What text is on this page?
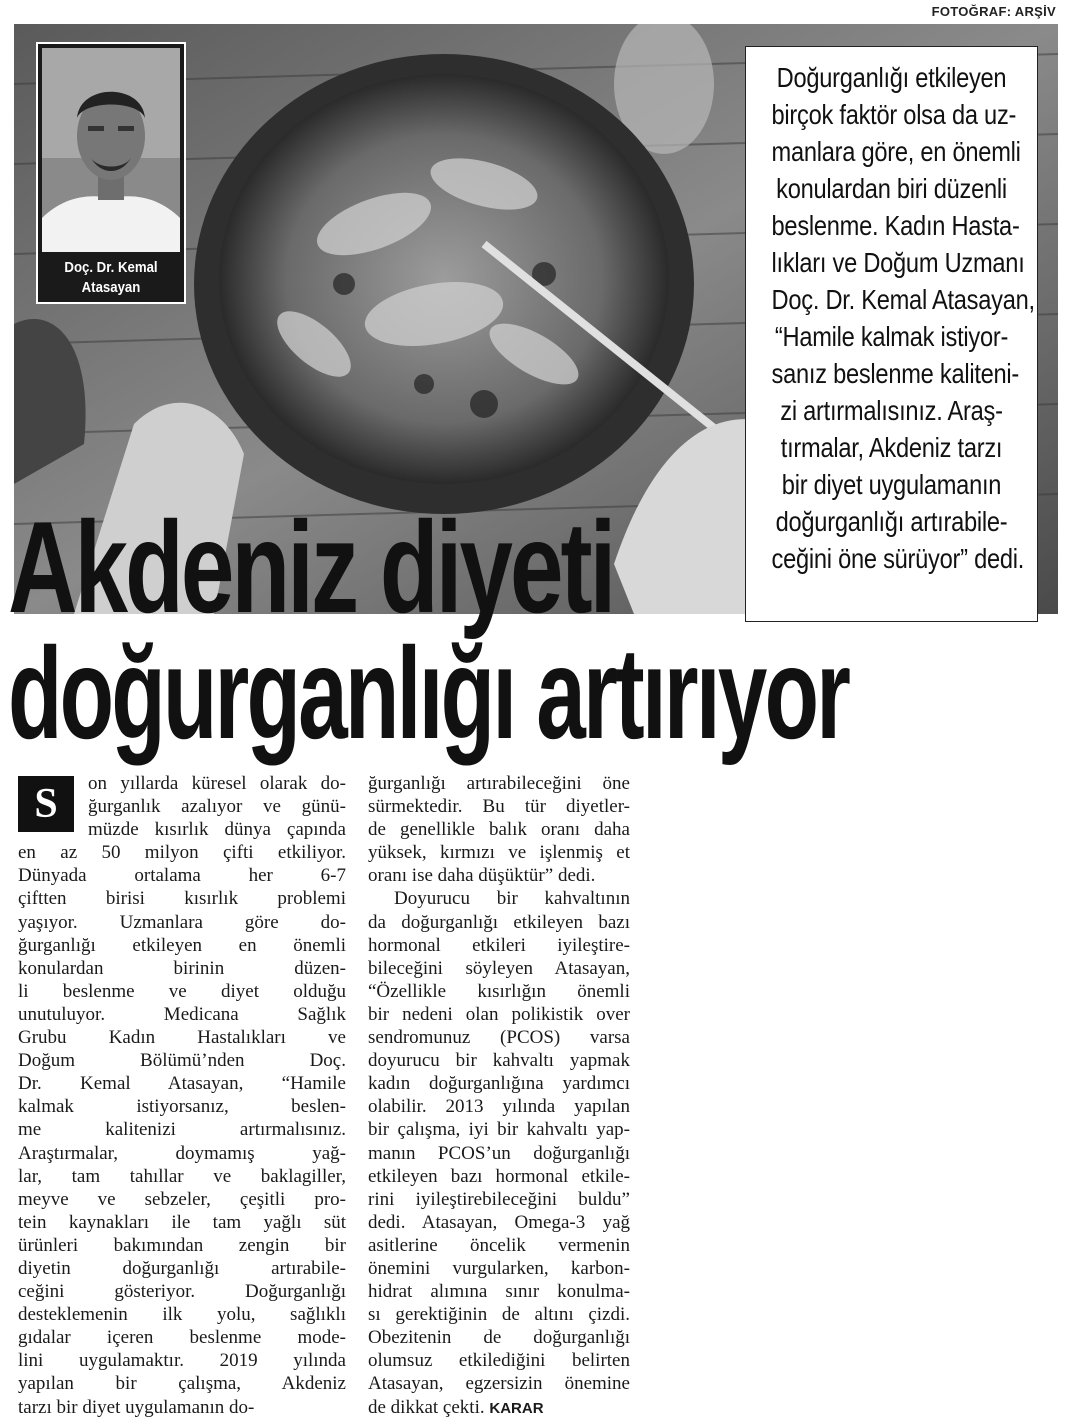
FOTOĞRAF: ARŞİV
Doç. Dr. Kemal
Atasayan
Doğurganlığı etkileyen
birçok faktör olsa da uz-
manlara göre, en önemli
konulardan biri düzenli
beslenme. Kadın Hasta-
lıkları ve Doğum Uzmanı
Doç. Dr. Kemal Atasayan,
“Hamile kalmak istiyor-
sanız beslenme kaliteni-
zi artırmalısınız. Araş-
tırmalar, Akdeniz tarzı
bir diyet uygulamanın
doğurganlığı artırabile-
ceğini öne sürüyor” dedi.
Akdeniz diyeti
doğurganlığı artırıyor
S	on yıllarda küresel olarak do-
ğurganlık azalıyor ve günü-
müzde kısırlık dünya çapında
en az 50 milyon çifti etkiliyor.
Dünyada ortalama her 6-7
çiftten birisi kısırlık problemi
yaşıyor. Uzmanlara göre do-
ğurganlığı etkileyen en önemli
konulardan birinin düzen-
li beslenme ve diyet olduğu
unutuluyor. Medicana Sağlık
Grubu Kadın Hastalıkları ve
Doğum Bölümü’nden Doç.
Dr. Kemal Atasayan, “Hamile
kalmak istiyorsanız, beslen-
me kalitenizi artırmalısınız.
Araştırmalar, doymamış yağ-
lar, tam tahıllar ve baklagiller,
meyve ve sebzeler, çeşitli pro-
tein kaynakları ile tam yağlı süt
ürünleri bakımından zengin bir
diyetin doğurganlığı artırabile-
ceğini gösteriyor. Doğurganlığı
desteklemenin ilk yolu, sağlıklı
gıdalar içeren beslenme mode-
lini uygulamaktır. 2019 yılında
yapılan bir çalışma, Akdeniz
tarzı bir diyet uygulamanın do-
ğurganlığı artırabileceğini öne
sürmektedir. Bu tür diyetler-
de genellikle balık oranı daha
yüksek, kırmızı ve işlenmiş et
oranı ise daha düşüktür” dedi.
Doyurucu bir kahvaltının
da doğurganlığı etkileyen bazı
hormonal etkileri iyileştire-
bileceğini söyleyen Atasayan,
“Özellikle kısırlığın önemli
bir nedeni olan polikistik over
sendromunuz (PCOS) varsa
doyurucu bir kahvaltı yapmak
kadın doğurganlığına yardımcı
olabilir. 2013 yılında yapılan
bir çalışma, iyi bir kahvaltı yap-
manın PCOS’un doğurganlığı
etkileyen bazı hormonal etkile-
rini iyileştirebileceğini buldu”
dedi. Atasayan, Omega-3 yağ
asitlerine öncelik vermenin
önemini vurgularken, karbon-
hidrat alımına sınır konulma-
sı gerektiğinin de altını çizdi.
Obezitenin de doğurganlığı
olumsuz etkilediğini belirten
Atasayan, egzersizin önemine
de dikkat çekti. KARAR
